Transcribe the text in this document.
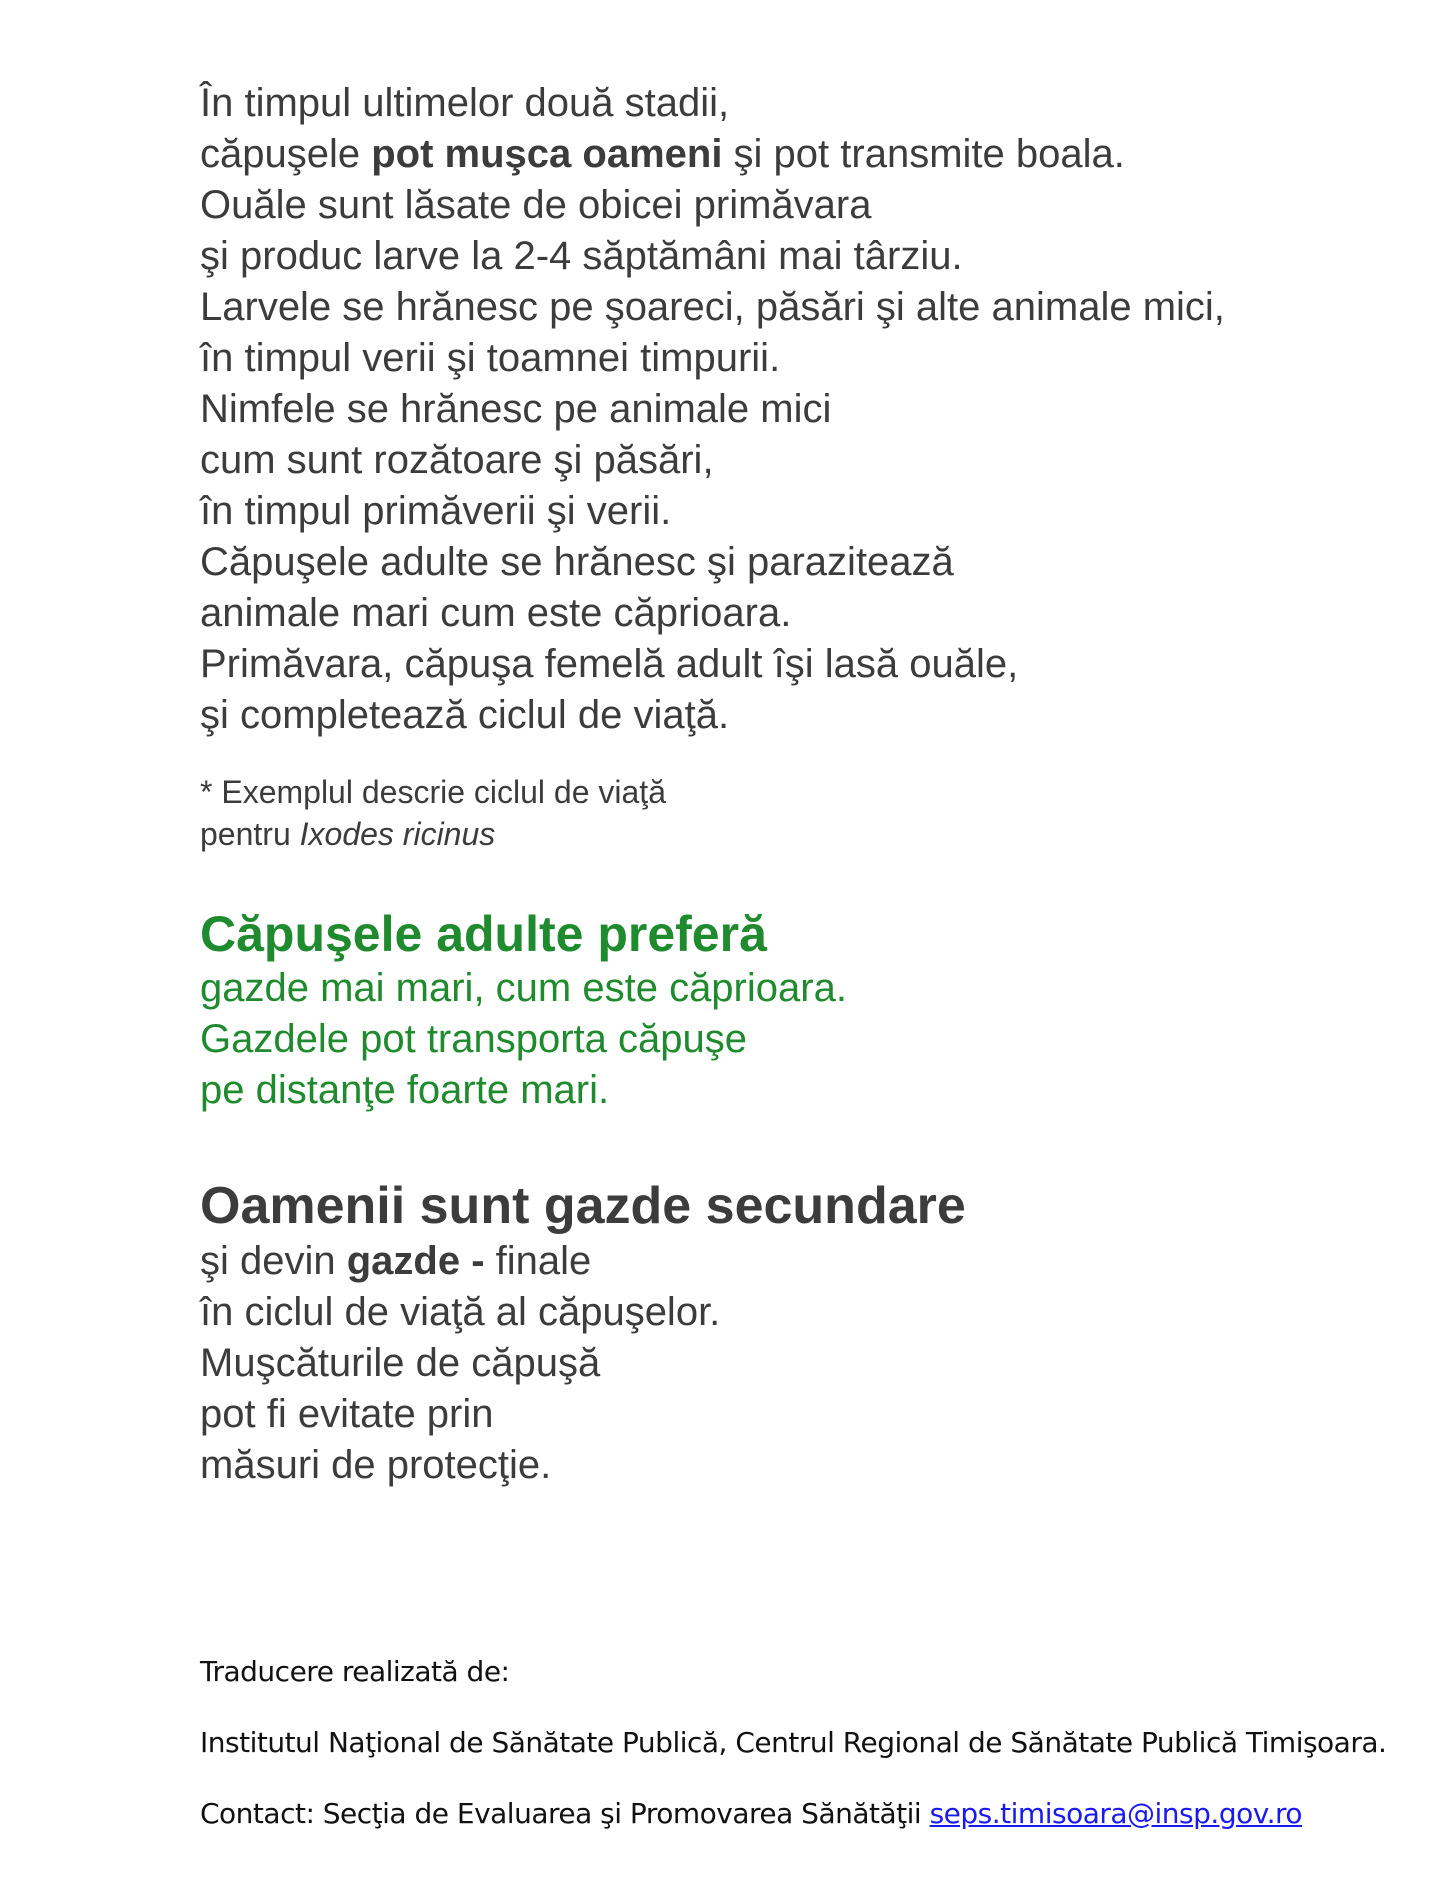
În timpul ultimelor două stadii,
căpuşele pot muşca oameni şi pot transmite boala.
Ouăle sunt lăsate de obicei primăvara
şi produc larve la 2-4 săptămâni mai târziu.
Larvele se hrănesc pe şoareci, păsări şi alte animale mici,
în timpul verii şi toamnei timpurii.
Nimfele se hrănesc pe animale mici
cum sunt rozătoare şi păsări,
în timpul primăverii şi verii.
Căpuşele adulte se hrănesc şi parazitează
animale mari cum este căprioara.
Primăvara, căpuşa femelă adult îşi lasă ouăle,
şi completează ciclul de viaţă.
* Exemplul descrie ciclul de viaţă
pentru Ixodes ricinus
Căpuşele adulte preferă
gazde mai mari, cum este căprioara.
Gazdele pot transporta căpuşe
pe distanţe foarte mari.
Oamenii sunt gazde secundare
şi devin gazde - finale
în ciclul de viaţă al căpuşelor.
Muşcăturile de căpuşă
pot fi evitate prin
măsuri de protecţie.
Traducere realizată de:
Institutul Naţional de Sănătate Publică, Centrul Regional de Sănătate Publică Timişoara.
Contact: Secţia de Evaluarea şi Promovarea Sănătăţii seps.timisoara@insp.gov.ro
